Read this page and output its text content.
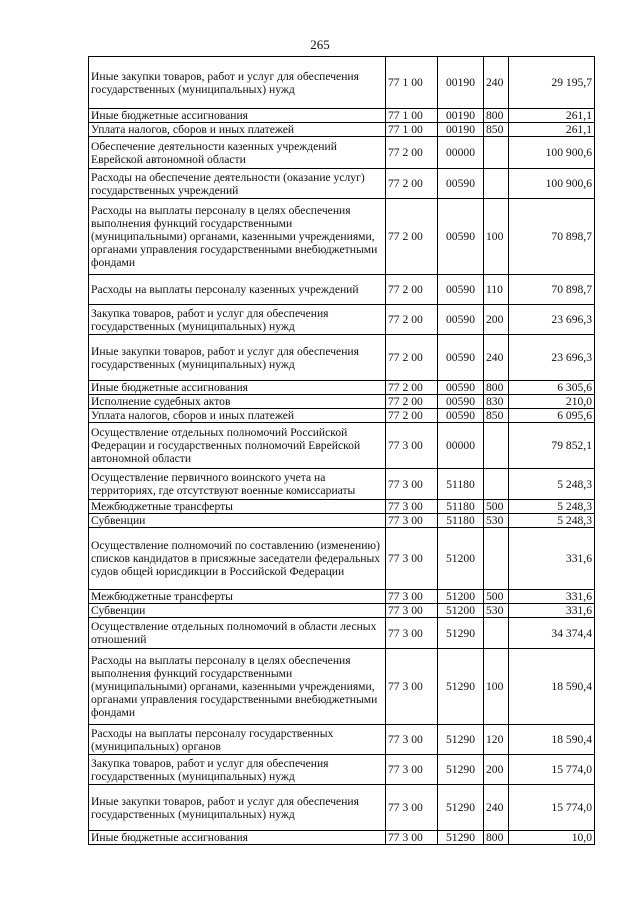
265
Иные закупки товаров, работ и услуг для обеспечения государственных (муниципальных) нужд	77 1 00	00190	240	29 195,7
Иные бюджетные ассигнования	77 1 00	00190	800	261,1
Уплата налогов, сборов и иных платежей	77 1 00	00190	850	261,1
Обеспечение деятельности казенных учреждений Еврейской автономной области	77 2 00	00000		100 900,6
Расходы на обеспечение деятельности (оказание услуг) государственных учреждений	77 2 00	00590		100 900,6
Расходы на выплаты персоналу в целях обеспечения выполнения функций государственными (муниципальными) органами, казенными учреждениями, органами управления государственными внебюджетными фондами	77 2 00	00590	100	70 898,7
Расходы на выплаты персоналу казенных учреждений	77 2 00	00590	110	70 898,7
Закупка товаров, работ и услуг для обеспечения государственных (муниципальных) нужд	77 2 00	00590	200	23 696,3
Иные закупки товаров, работ и услуг для обеспечения государственных (муниципальных) нужд	77 2 00	00590	240	23 696,3
Иные бюджетные ассигнования	77 2 00	00590	800	6 305,6
Исполнение судебных актов	77 2 00	00590	830	210,0
Уплата налогов, сборов и иных платежей	77 2 00	00590	850	6 095,6
Осуществление отдельных полномочий Российской Федерации и государственных полномочий Еврейской автономной области	77 3 00	00000		79 852,1
Осуществление первичного воинского учета на территориях, где отсутствуют военные комиссариаты	77 3 00	51180		5 248,3
Межбюджетные трансферты	77 3 00	51180	500	5 248,3
Субвенции	77 3 00	51180	530	5 248,3
Осуществление полномочий по составлению (изменению) списков кандидатов в присяжные заседатели федеральных судов общей юрисдикции в Российской Федерации	77 3 00	51200		331,6
Межбюджетные трансферты	77 3 00	51200	500	331,6
Субвенции	77 3 00	51200	530	331,6
Осуществление отдельных полномочий в области лесных отношений	77 3 00	51290		34 374,4
Расходы на выплаты персоналу в целях обеспечения выполнения функций государственными (муниципальными) органами, казенными учреждениями, органами управления государственными внебюджетными фондами	77 3 00	51290	100	18 590,4
Расходы на выплаты персоналу государственных (муниципальных) органов	77 3 00	51290	120	18 590,4
Закупка товаров, работ и услуг для обеспечения государственных (муниципальных) нужд	77 3 00	51290	200	15 774,0
Иные закупки товаров, работ и услуг для обеспечения государственных (муниципальных) нужд	77 3 00	51290	240	15 774,0
Иные бюджетные ассигнования	77 3 00	51290	800	10,0
